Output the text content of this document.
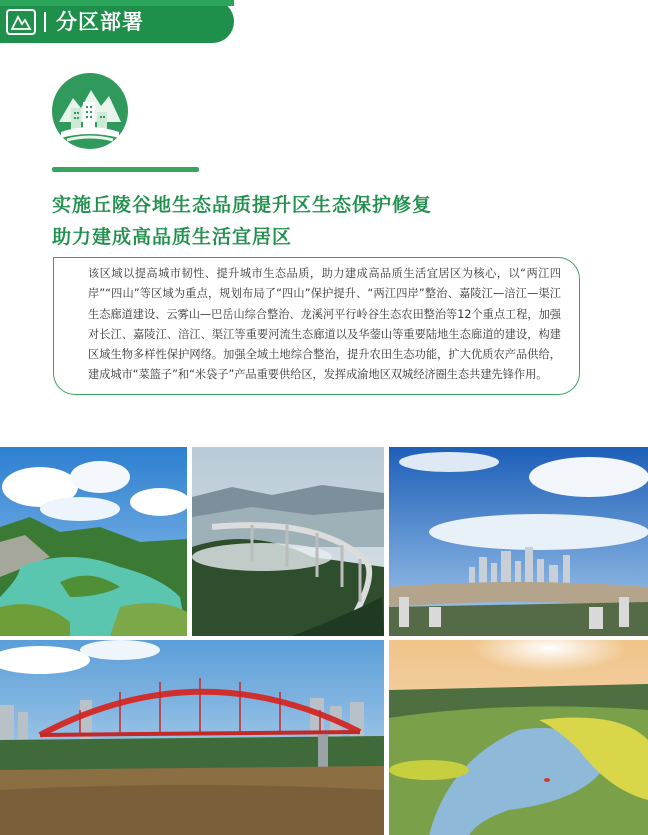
分区部署
实施丘陵谷地生态品质提升区生态保护修复
助力建成高品质生活宜居区
该区域以提高城市韧性、提升城市生态品质，助力建成高品质生活宜居区为核心，以“两江四岸”“四山”等区域为重点，规划布局了“四山”保护提升、“两江四岸”整治、嘉陵江—涪江—渠江生态廊道建设、云雾山—巴岳山综合整治、龙溪河平行岭谷生态农田整治等12个重点工程，加强对长江、嘉陵江、涪江、渠江等重要河流生态廊道以及华蓥山等重要陆地生态廊道的建设，构建区域生物多样性保护网络。加强全域土地综合整治，提升农田生态功能，扩大优质农产品供给，建成城市“菜篮子”和“米袋子”产品重要供给区，发挥成渝地区双城经济圈生态共建先锋作用。
